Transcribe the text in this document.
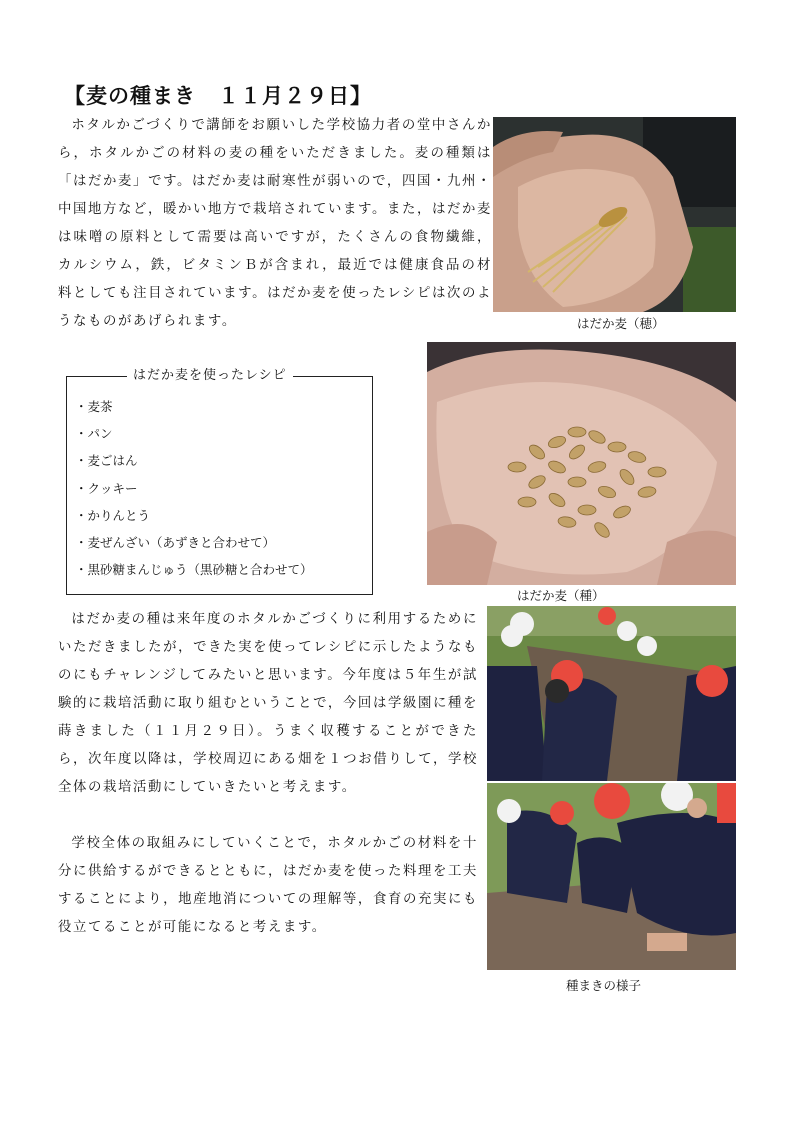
【麦の種まき　１１月２９日】

ホタルかごづくりで講師をお願いした学校協力者の堂中さんから，ホタルかごの材料の麦の種をいただきました。麦の種類は「はだか麦」です。はだか麦は耐寒性が弱いので，四国・九州・中国地方など，暖かい地方で栽培されています。また，はだか麦は味噌の原料として需要は高いですが，たくさんの食物繊維，カルシウム，鉄，ビタミンＢが含まれ，最近では健康食品の材料としても注目されています。はだか麦を使ったレシピは次のようなものがあげられます。	はだか麦（穂）
はだか麦を使ったレシピ
・麦茶
・パン
・麦ごはん
・クッキー
・かりんとう
・麦ぜんざい（あずきと合わせて）
・黒砂糖まんじゅう（黒砂糖と合わせて）
はだか麦（種）

はだか麦の種は来年度のホタルかごづくりに利用するためにいただきましたが，できた実を使ってレシピに示したようなものにもチャレンジしてみたいと思います。今年度は５年生が試験的に栽培活動に取り組むということで，今回は学級園に種を蒔きました（１１月２９日）。うまく収穫することができたら，次年度以降は，学校周辺にある畑を１つお借りして，学校全体の栽培活動にしていきたいと考えます。

学校全体の取組みにしていくことで，ホタルかごの材料を十分に供給するができるとともに，はだか麦を使った料理を工夫することにより，地産地消についての理解等，食育の充実にも役立てることが可能になると考えます。

種まきの様子
